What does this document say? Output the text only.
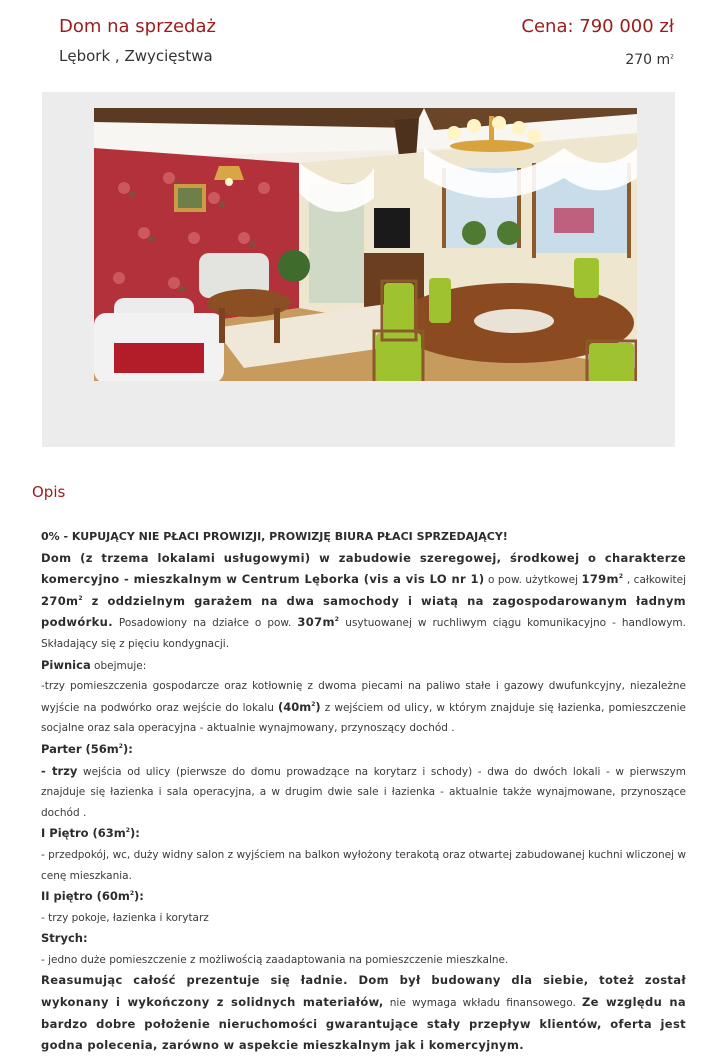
Dom na sprzedaż
Lębork , Zwycięstwa
Cena: 790 000 zł
270 $m^2$
Opis

0% - KUPUJĄCY NIE PŁACI PROWIZJI, PROWIZJĘ BIURA PŁACI SPRZEDAJĄCY!

Dom (z trzema lokalami usługowymi) w zabudowie szeregowej, środkowej o charakterze komercyjno - mieszkalnym w Centrum Lęborka (vis a vis LO nr 1) o pow. użytkowej $179m^2$ , całkowitej $270m^2$ z oddzielnym garażem na dwa samochody i wiatą na zagospodarowanym ładnym podwórku. Posadowiony na działce o pow. $307m^2$ usytuowanej w ruchliwym ciągu komunikacyjno - handlowym. Składający się z pięciu kondygnacji.

Piwnica obejmuje:

-trzy pomieszczenia gospodarcze oraz kotłownię z dwoma piecami na paliwo stałe i gazowy dwufunkcyjny, niezależne wyjście na podwórko oraz wejście do lokalu $(40m^2)$ z wejściem od ulicy, w którym znajduje się łazienka, pomieszczenie socjalne oraz sala operacyjna - aktualnie wynajmowany, przynoszący dochód .

Parter $(56m^2)$:

- trzy wejścia od ulicy (pierwsze do domu prowadzące na korytarz i schody) - dwa do dwóch lokali - w pierwszym znajduje się łazienka i sala operacyjna, a w drugim dwie sale i łazienka - aktualnie także wynajmowane, przynoszące dochód .

I Piętro $(63m^2)$:

- przedpokój, wc, duży widny salon z wyjściem na balkon wyłożony terakotą oraz otwartej zabudowanej kuchni wliczonej w cenę mieszkania.

II piętro $(60m^2)$:

- trzy pokoje, łazienka i korytarz

Strych:

- jedno duże pomieszczenie z możliwością zaadaptowania na pomieszczenie mieszkalne.

Reasumując całość prezentuje się ładnie. Dom był budowany dla siebie, toteż został wykonany i wykończony z solidnych materiałów, nie wymaga wkładu finansowego. Ze względu na bardzo dobre położenie nieruchomości gwarantujące stały przepływ klientów, oferta jest godna polecenia, zarówno w aspekcie mieszkalnym jak i komercyjnym.
